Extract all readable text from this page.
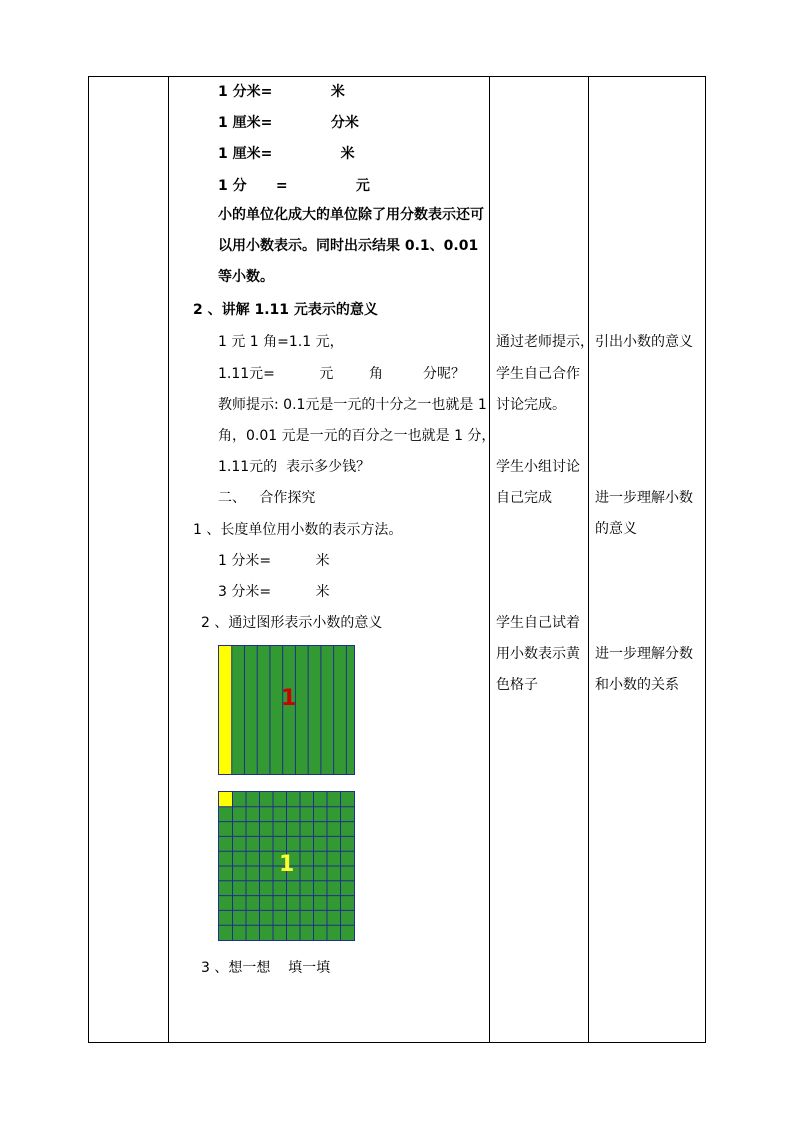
1 分米=            米
1 厘米=            分米
1 厘米=              米
1 分      =              元
小的单位化成大的单位除了用分数表示还可以用小数表示。同时出示结果 0.1、0.01 等小数。
2 、讲解 1.11 元表示的意义
1 元 1 角=1.1 元，
1.11元=          元        角         分呢？
教师提示: 0.1元是一元的十分之一也就是 1
角，0.01 元是一元的百分之一也就是 1 分，
1.11元的  表示多少钱？
二、   合作探究
1 、长度单位用小数的表示方法。
1 分米=          米
3 分米=          米
2 、通过图形表示小数的意义
1
1
3 、想一想    填一填
通过老师提示，
学生自己合作
讨论完成。
学生小组讨论
自己完成
学生自己试着
用小数表示黄
色格子
引出小数的意义
进一步理解小数
的意义
进一步理解分数
和小数的关系
